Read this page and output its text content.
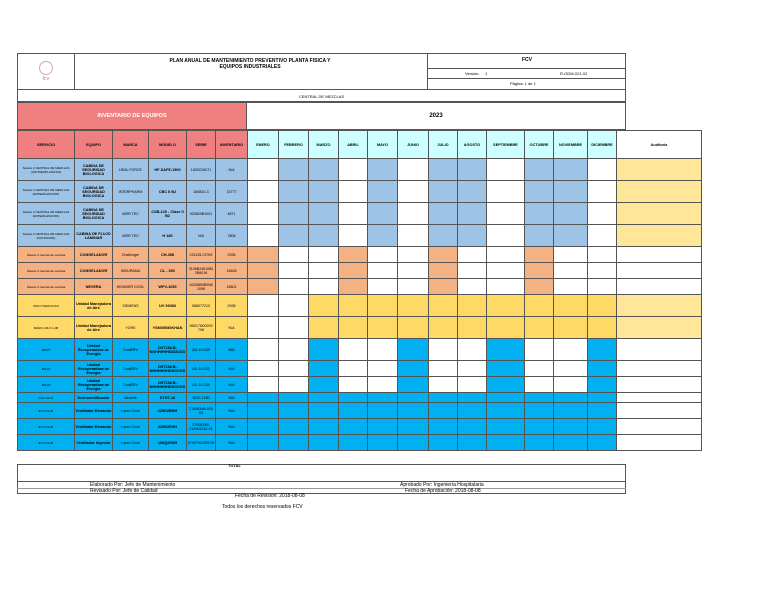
fcv
PLAN ANUAL DE MANTENIMIENTO PREVENTIVO PLANTA FISICA Y
EQUIPOS INDUSTRIALES
FCV
Versión: 1	R-ODM-021-02
Página: 1 de 1
CENTRAL DE MEZCLAS
INVENTARIO DE EQUIPOS	2023
SERVICIO	EQUIPO	MARCA	MODELO	SERIE	INVENTARIO	ENERO	FEBRERO	MARZO	ABRIL	MAYO	JUNIO	JULIO	AGOSTO	SEPTIEMBRE	OCTUBRE	NOVIEMBRE	DICIEMBRE	Auditoria
Sótano 2 CENTRAL DE MEZCLAS (ANTINEOPLASICOS)	CABINA DE SEGURIDAD BIOLOGICA	HEAL FORCE	HF-SAFE-1500	1500C26071	N/A													
Sótano 2 CENTRAL DE MEZCLAS (ESTERILIZACION)	CABINA DE SEGURIDAD BIOLOGICA	INTERPHARM	CBC II B2	180810-3	15777													
Sótano 2 CENTRAL DE MEZCLAS (ESTERILIZACION)	CABINA DE SEGURIDAD BIOLOGICA	AIRR TEC	CSB-120 - Clase II B2	920809B1001	4871													
Sótano 2 CENTRAL DE MEZCLAS (NUTRICION)	CABINA DE FLUJO LAMINAR	AIRR TEC	H 180	N/A	7806													
Sótano 2 Central de mezclas	CONGELADOR	Challenger	CH-398	231135-07092	2936													
Sótano 2 Central de mezclas	CONGELADOR	INDURAMA	CL - 350	3106B2451080 2B6016	14628													
Sótano 2 Central de mezclas	NEVERA	WONDER COOL	WPV-1050	10205B0B0N5 1098	15801													
UMA CTERIOGICA	Unidad Manejadora de Aire	SIEMENS	UV 93083	088977210	2938													
MARC CM-0 U-08	Unidad Manejadora de Aire	YORK	YSM05080KHAN	0B017N00209 798	N/A													
SR-07	Unidad Recuperadora de Energía	CoolERV	DST1NLB-NNHHHHHDDDDDD	AD-19-233	N/A													
SR-04	Unidad Recuperadora de Energía	CoolERV	DST1NLB-NNHHHHHDDDDDD	AD-19-233	N/A													
SR-03	Unidad Recuperadora de Energía	CoolERV	DST1NLB-NNHHHHHDDDDDD	AD-19-234	N/A													
DHC-03-01	Deshumidificador	Airwelle	DTRT-16	3610-1280	N/A													
EXX-03-01	Ventilador Extractor	Loren Cook	225D2BNH	2700634B-005 03	N/A													
EXX-03-02	Ventilador Extractor	Loren Cook	225D2EXH	2700634B-01/09/2012-01	N/A													
EXX-03-03	Ventilador Inyector	Loren Cook	160Q2SXH	2700794-005 03	N/A													
TOTAL
Elaborado Por: Jefe de Mantenimiento
Revisado Por: Jefe de Calidad
Fecha de Revisión: 2018-08-08
Aprobado Por: Ingeniería Hospitalaria
Fecha de Aprobación: 2018-08-08
Todos los derechos reservados FCV
